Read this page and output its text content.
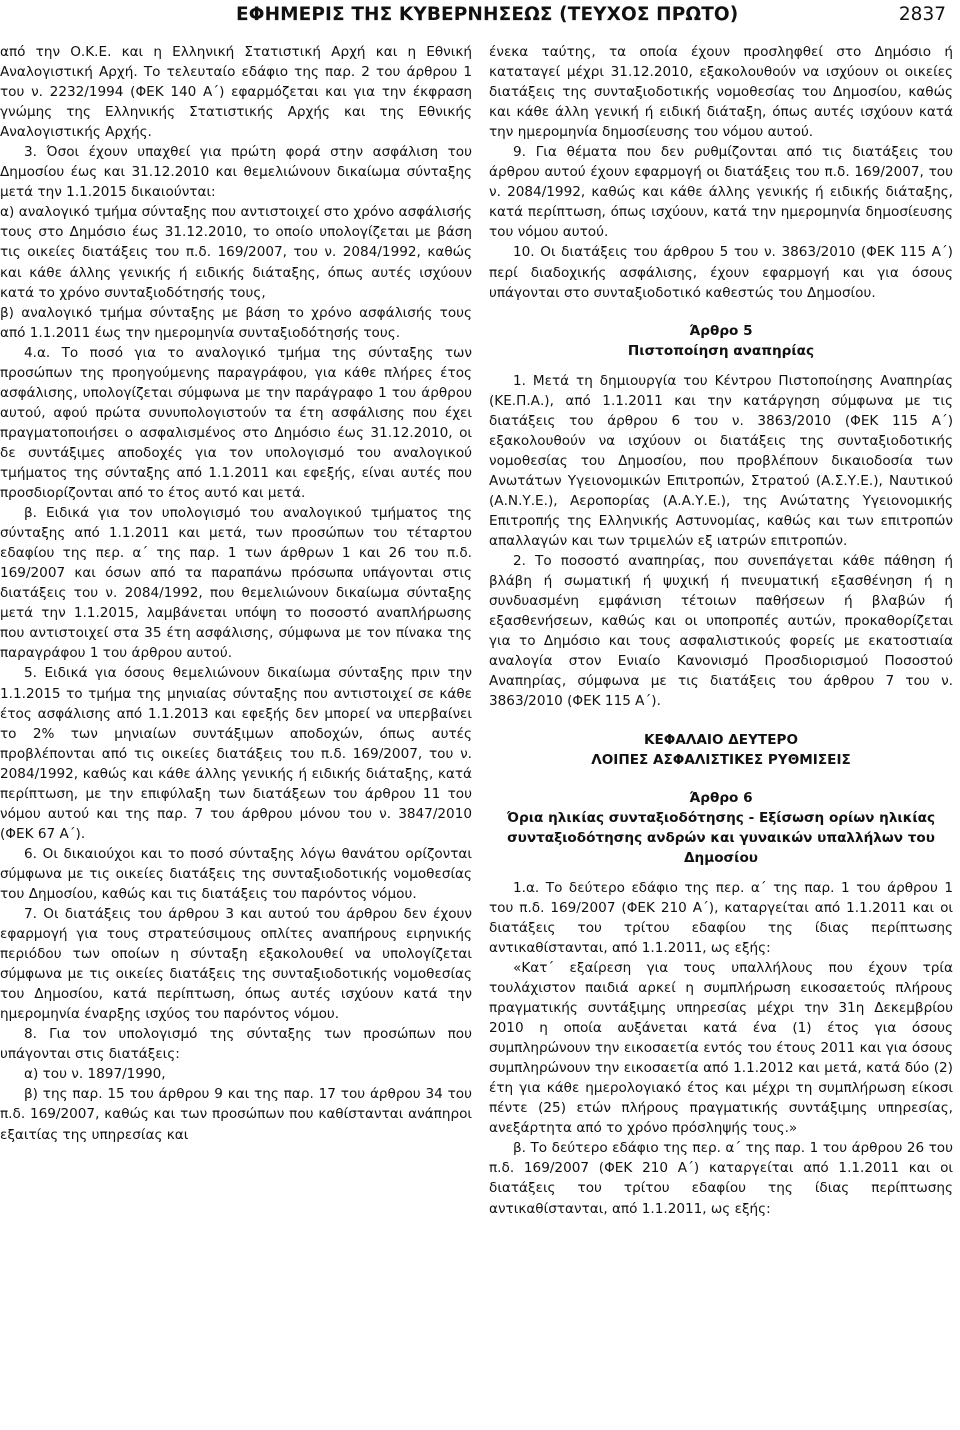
ΕΦΗΜΕΡΙΣ ΤΗΣ ΚΥΒΕΡΝΗΣΕΩΣ (ΤΕΥΧΟΣ ΠΡΩΤΟ)	2837

από την Ο.Κ.Ε. και η Ελληνική Στατιστική Αρχή και η Εθνική Αναλογιστική Αρχή. Το τελευταίο εδάφιο της παρ. 2 του άρθρου 1 του ν. 2232/1994 (ΦΕΚ 140 Α΄) εφαρμόζεται και για την έκφραση γνώμης της Ελληνικής Στατιστικής Αρχής και της Εθνικής Αναλογιστικής Αρχής.

3. Όσοι έχουν υπαχθεί για πρώτη φορά στην ασφάλιση του Δημοσίου έως και 31.12.2010 και θεμελιώνουν δικαίωμα σύνταξης μετά την 1.1.2015 δικαιούνται:

α) αναλογικό τμήμα σύνταξης που αντιστοιχεί στο χρόνο ασφάλισής τους στο Δημόσιο έως 31.12.2010, το οποίο υπολογίζεται με βάση τις οικείες διατάξεις του π.δ. 169/2007, του ν. 2084/1992, καθώς και κάθε άλλης γενικής ή ειδικής διάταξης, όπως αυτές ισχύουν κατά το χρόνο συνταξιοδότησής τους,

β) αναλογικό τμήμα σύνταξης με βάση το χρόνο ασφάλισής τους από 1.1.2011 έως την ημερομηνία συνταξιοδότησής τους.

4.α. Το ποσό για το αναλογικό τμήμα της σύνταξης των προσώπων της προηγούμενης παραγράφου, για κάθε πλήρες έτος ασφάλισης, υπολογίζεται σύμφωνα με την παράγραφο 1 του άρθρου αυτού, αφού πρώτα συνυπολογιστούν τα έτη ασφάλισης που έχει πραγματοποιήσει ο ασφαλισμένος στο Δημόσιο έως 31.12.2010, οι δε συντάξιμες αποδοχές για τον υπολογισμό του αναλογικού τμήματος της σύνταξης από 1.1.2011 και εφεξής, είναι αυτές που προσδιορίζονται από το έτος αυτό και μετά.

β. Ειδικά για τον υπολογισμό του αναλογικού τμήματος της σύνταξης από 1.1.2011 και μετά, των προσώπων του τέταρτου εδαφίου της περ. α΄ της παρ. 1 των άρθρων 1 και 26 του π.δ. 169/2007 και όσων από τα παραπάνω πρόσωπα υπάγονται στις διατάξεις του ν. 2084/1992, που θεμελιώνουν δικαίωμα σύνταξης μετά την 1.1.2015, λαμβάνεται υπόψη το ποσοστό αναπλήρωσης που αντιστοιχεί στα 35 έτη ασφάλισης, σύμφωνα με τον πίνακα της παραγράφου 1 του άρθρου αυτού.

5. Ειδικά για όσους θεμελιώνουν δικαίωμα σύνταξης πριν την 1.1.2015 το τμήμα της μηνιαίας σύνταξης που αντιστοιχεί σε κάθε έτος ασφάλισης από 1.1.2013 και εφεξής δεν μπορεί να υπερβαίνει το 2% των μηνιαίων συντάξιμων αποδοχών, όπως αυτές προβλέπονται από τις οικείες διατάξεις του π.δ. 169/2007, του ν. 2084/1992, καθώς και κάθε άλλης γενικής ή ειδικής διάταξης, κατά περίπτωση, με την επιφύλαξη των διατάξεων του άρθρου 11 του νόμου αυτού και της παρ. 7 του άρθρου μόνου του ν. 3847/2010 (ΦΕΚ 67 Α΄).

6. Οι δικαιούχοι και το ποσό σύνταξης λόγω θανάτου ορίζονται σύμφωνα με τις οικείες διατάξεις της συνταξιοδοτικής νομοθεσίας του Δημοσίου, καθώς και τις διατάξεις του παρόντος νόμου.

7. Οι διατάξεις του άρθρου 3 και αυτού του άρθρου δεν έχουν εφαρμογή για τους στρατεύσιμους οπλίτες αναπήρους ειρηνικής περιόδου των οποίων η σύνταξη εξακολουθεί να υπολογίζεται σύμφωνα με τις οικείες διατάξεις της συνταξιοδοτικής νομοθεσίας του Δημοσίου, κατά περίπτωση, όπως αυτές ισχύουν κατά την ημερομηνία έναρξης ισχύος του παρόντος νόμου.

8. Για τον υπολογισμό της σύνταξης των προσώπων που υπάγονται στις διατάξεις:

α) του ν. 1897/1990,

β) της παρ. 15 του άρθρου 9 και της παρ. 17 του άρθρου 34 του π.δ. 169/2007, καθώς και των προσώπων που καθίστανται ανάπηροι εξαιτίας της υπηρεσίας και

ένεκα ταύτης, τα οποία έχουν προσληφθεί στο Δημόσιο ή καταταγεί μέχρι 31.12.2010, εξακολουθούν να ισχύουν οι οικείες διατάξεις της συνταξιοδοτικής νομοθεσίας του Δημοσίου, καθώς και κάθε άλλη γενική ή ειδική διάταξη, όπως αυτές ισχύουν κατά την ημερομηνία δημοσίευσης του νόμου αυτού.

9. Για θέματα που δεν ρυθμίζονται από τις διατάξεις του άρθρου αυτού έχουν εφαρμογή οι διατάξεις του π.δ. 169/2007, του ν. 2084/1992, καθώς και κάθε άλλης γενικής ή ειδικής διάταξης, κατά περίπτωση, όπως ισχύουν, κατά την ημερομηνία δημοσίευσης του νόμου αυτού.

10. Οι διατάξεις του άρθρου 5 του ν. 3863/2010 (ΦΕΚ 115 Α΄) περί διαδοχικής ασφάλισης, έχουν εφαρμογή και για όσους υπάγονται στο συνταξιοδοτικό καθεστώς του Δημοσίου.

Άρθρο 5

Πιστοποίηση αναπηρίας

1. Μετά τη δημιουργία του Κέντρου Πιστοποίησης Αναπηρίας (ΚΕ.Π.Α.), από 1.1.2011 και την κατάργηση σύμφωνα με τις διατάξεις του άρθρου 6 του ν. 3863/2010 (ΦΕΚ 115 Α΄) εξακολουθούν να ισχύουν οι διατάξεις της συνταξιοδοτικής νομοθεσίας του Δημοσίου, που προβλέπουν δικαιοδοσία των Ανωτάτων Υγειονομικών Επιτροπών, Στρατού (Α.Σ.Υ.Ε.), Ναυτικού (Α.Ν.Υ.Ε.), Αεροπορίας (Α.Α.Υ.Ε.), της Ανώτατης Υγειονομικής Επιτροπής της Ελληνικής Αστυνομίας, καθώς και των επιτροπών απαλλαγών και των τριμελών εξ ιατρών επιτροπών.

2. Το ποσοστό αναπηρίας, που συνεπάγεται κάθε πάθηση ή βλάβη ή σωματική ή ψυχική ή πνευματική εξασθένηση ή η συνδυασμένη εμφάνιση τέτοιων παθήσεων ή βλαβών ή εξασθενήσεων, καθώς και οι υποπροπές αυτών, προκαθορίζεται για το Δημόσιο και τους ασφαλιστικούς φορείς με εκατοστιαία αναλογία στον Ενιαίο Κανονισμό Προσδιορισμού Ποσοστού Αναπηρίας, σύμφωνα με τις διατάξεις του άρθρου 7 του ν. 3863/2010 (ΦΕΚ 115 Α΄).

ΚΕΦΑΛΑΙΟ ΔΕΥΤΕΡΟ

ΛΟΙΠΕΣ ΑΣΦΑΛΙΣΤΙΚΕΣ ΡΥΘΜΙΣΕΙΣ

Άρθρο 6

Όρια ηλικίας συνταξιοδότησης - Εξίσωση ορίων ηλικίας συνταξιοδότησης ανδρών και γυναικών υπαλλήλων του Δημοσίου

1.α. Το δεύτερο εδάφιο της περ. α΄ της παρ. 1 του άρθρου 1 του π.δ. 169/2007 (ΦΕΚ 210 Α΄), καταργείται από 1.1.2011 και οι διατάξεις του τρίτου εδαφίου της ίδιας περίπτωσης αντικαθίστανται, από 1.1.2011, ως εξής:

«Κατ΄ εξαίρεση για τους υπαλλήλους που έχουν τρία τουλάχιστον παιδιά αρκεί η συμπλήρωση εικοσαετούς πλήρους πραγματικής συντάξιμης υπηρεσίας μέχρι την 31η Δεκεμβρίου 2010 η οποία αυξάνεται κατά ένα (1) έτος για όσους συμπληρώνουν την εικοσαετία εντός του έτους 2011 και για όσους συμπληρώνουν την εικοσαετία από 1.1.2012 και μετά, κατά δύο (2) έτη για κάθε ημερολογιακό έτος και μέχρι τη συμπλήρωση είκοσι πέντε (25) ετών πλήρους πραγματικής συντάξιμης υπηρεσίας, ανεξάρτητα από το χρόνο πρόσληψής τους.»

β. Το δεύτερο εδάφιο της περ. α΄ της παρ. 1 του άρθρου 26 του π.δ. 169/2007 (ΦΕΚ 210 Α΄) καταργείται από 1.1.2011 και οι διατάξεις του τρίτου εδαφίου της ίδιας περίπτωσης αντικαθίστανται, από 1.1.2011, ως εξής:
